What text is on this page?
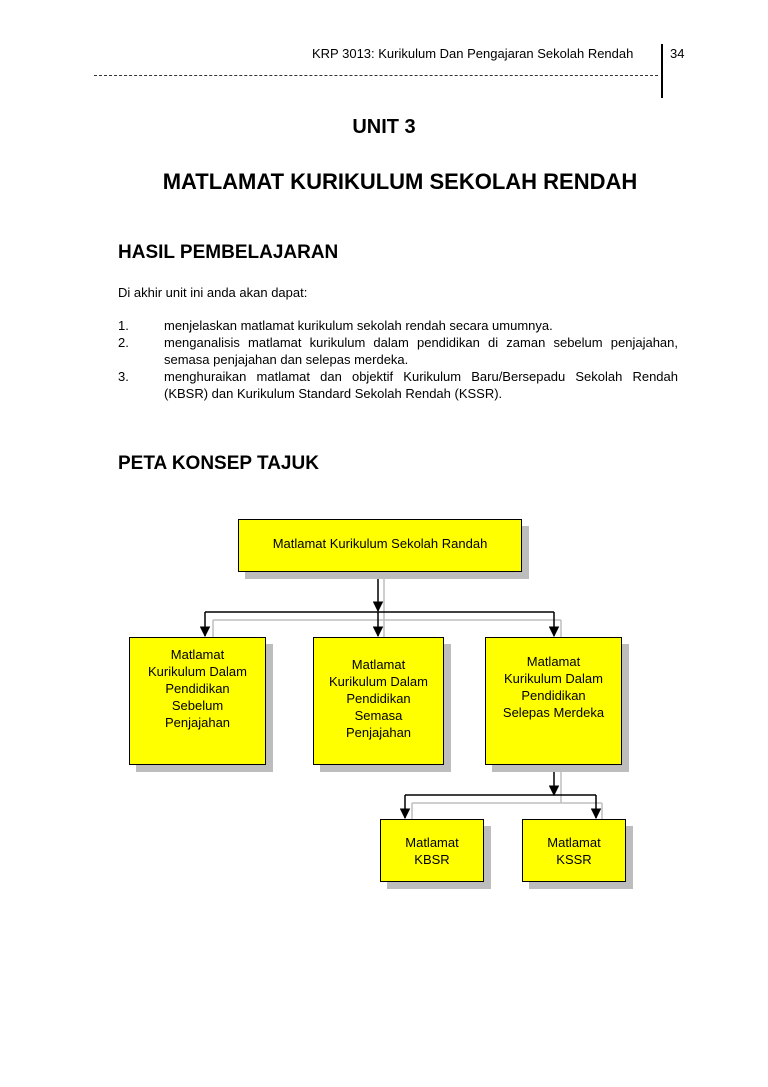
KRP 3013: Kurikulum Dan Pengajaran Sekolah Rendah	34
UNIT 3
MATLAMAT KURIKULUM SEKOLAH RENDAH
HASIL PEMBELAJARAN
Di akhir unit ini anda akan dapat:
1.	menjelaskan matlamat kurikulum sekolah rendah secara umumnya.
2.	menganalisis matlamat kurikulum dalam pendidikan di zaman sebelum penjajahan, semasa penjajahan dan selepas merdeka.
3.	menghuraikan matlamat dan objektif Kurikulum Baru/Bersepadu Sekolah Rendah (KBSR) dan Kurikulum Standard Sekolah Rendah (KSSR).
PETA KONSEP TAJUK
Matlamat Kurikulum Sekolah Randah
Matlamat
Kurikulum Dalam
Pendidikan
Sebelum
Penjajahan
Matlamat
Kurikulum Dalam
Pendidikan
Semasa
Penjajahan
Matlamat
Kurikulum Dalam
Pendidikan
Selepas Merdeka
Matlamat
KBSR
Matlamat
KSSR
